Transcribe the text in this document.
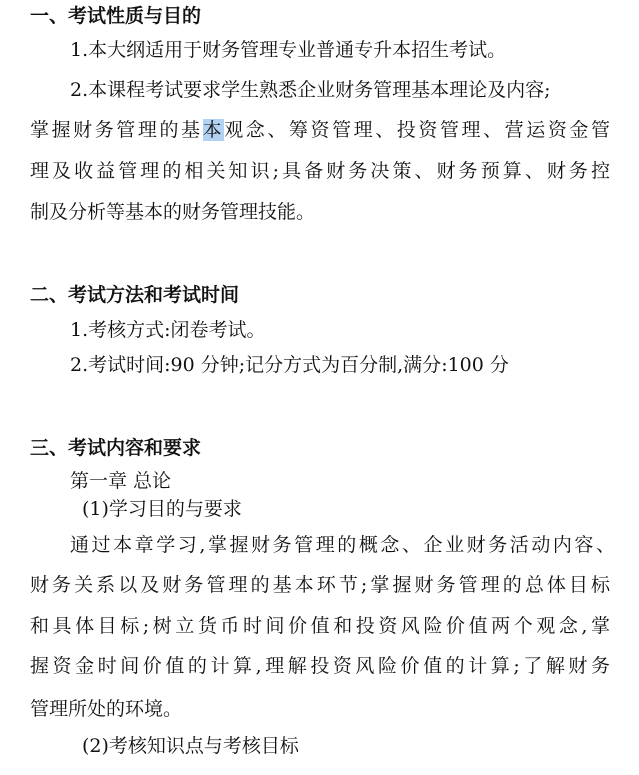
一、考试性质与目的
1.本大纲适用于财务管理专业普通专升本招生考试。
2.本课程考试要求学生熟悉企业财务管理基本理论及内容;
掌握财务管理的基本观念、筹资管理、投资管理、营运资金管
理及收益管理的相关知识;具备财务决策、财务预算、财务控
制及分析等基本的财务管理技能。
二、考试方法和考试时间
1.考核方式:闭卷考试。
2.考试时间:90 分钟;记分方式为百分制,满分:100 分
三、考试内容和要求
第一章 总论
(1)学习目的与要求
通过本章学习,掌握财务管理的概念、企业财务活动内容、
财务关系以及财务管理的基本环节;掌握财务管理的总体目标
和具体目标;树立货币时间价值和投资风险价值两个观念,掌
握资金时间价值的计算,理解投资风险价值的计算;了解财务
管理所处的环境。
(2)考核知识点与考核目标
